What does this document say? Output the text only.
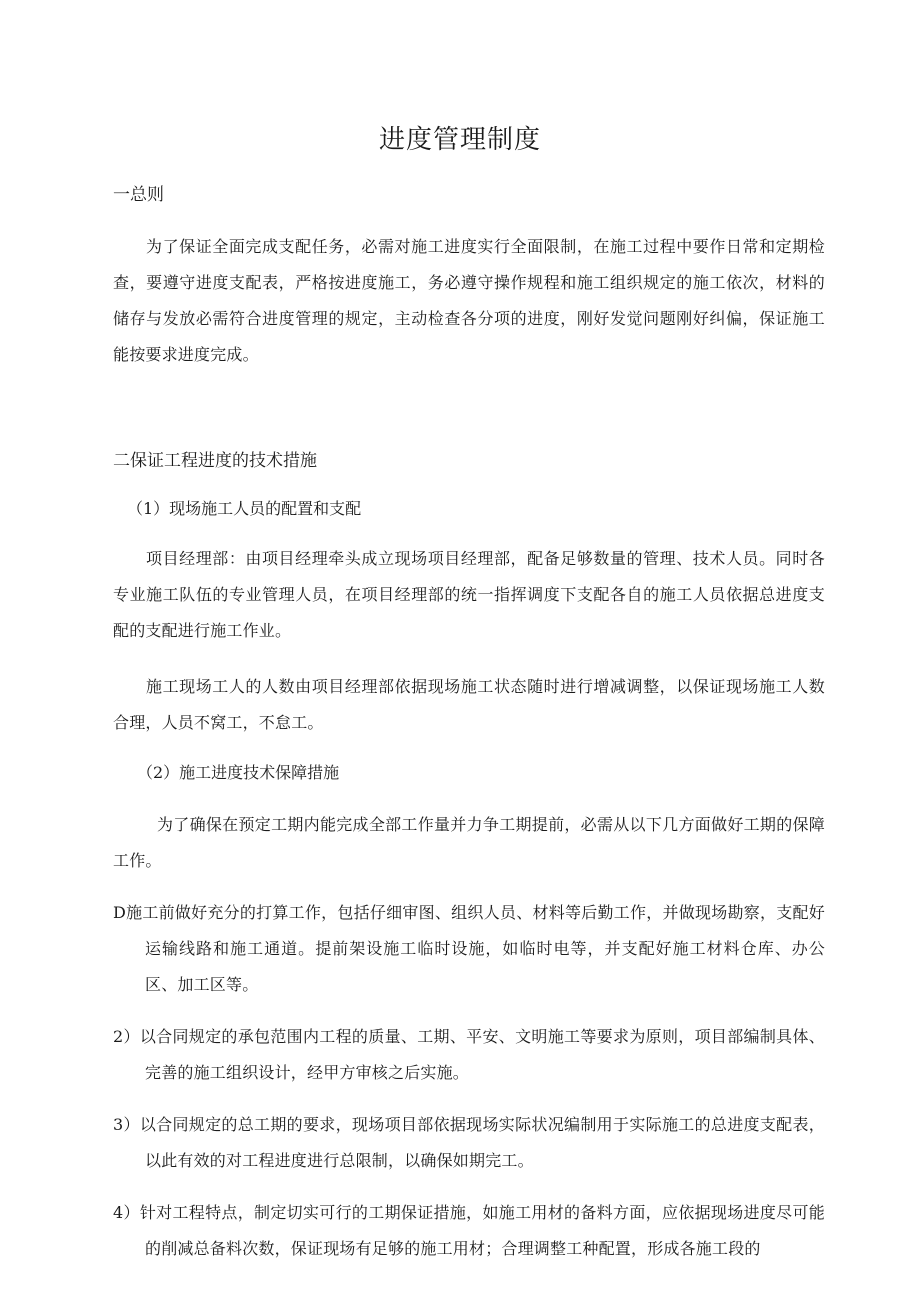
进度管理制度
一总则
为了保证全面完成支配任务，必需对施工进度实行全面限制，在施工过程中要作日常和定期检查，要遵守进度支配表，严格按进度施工，务必遵守操作规程和施工组织规定的施工依次，材料的储存与发放必需符合进度管理的规定，主动检查各分项的进度，刚好发觉问题刚好纠偏，保证施工能按要求进度完成。
二保证工程进度的技术措施
（1）现场施工人员的配置和支配
项目经理部：由项目经理牵头成立现场项目经理部，配备足够数量的管理、技术人员。同时各专业施工队伍的专业管理人员，在项目经理部的统一指挥调度下支配各自的施工人员依据总进度支配的支配进行施工作业。
施工现场工人的人数由项目经理部依据现场施工状态随时进行增减调整，以保证现场施工人数合理，人员不窝工，不怠工。
（2）施工进度技术保障措施
为了确保在预定工期内能完成全部工作量并力争工期提前，必需从以下几方面做好工期的保障工作。
D施工前做好充分的打算工作，包括仔细审图、组织人员、材料等后勤工作，并做现场勘察，支配好运输线路和施工通道。提前架设施工临时设施，如临时电等，并支配好施工材料仓库、办公区、加工区等。
2）以合同规定的承包范围内工程的质量、工期、平安、文明施工等要求为原则，项目部编制具体、完善的施工组织设计，经甲方审核之后实施。
3）以合同规定的总工期的要求，现场项目部依据现场实际状况编制用于实际施工的总进度支配表，以此有效的对工程进度进行总限制，以确保如期完工。
4）针对工程特点，制定切实可行的工期保证措施，如施工用材的备料方面，应依据现场进度尽可能的削减总备料次数，保证现场有足够的施工用材；合理调整工种配置，形成各施工段的
